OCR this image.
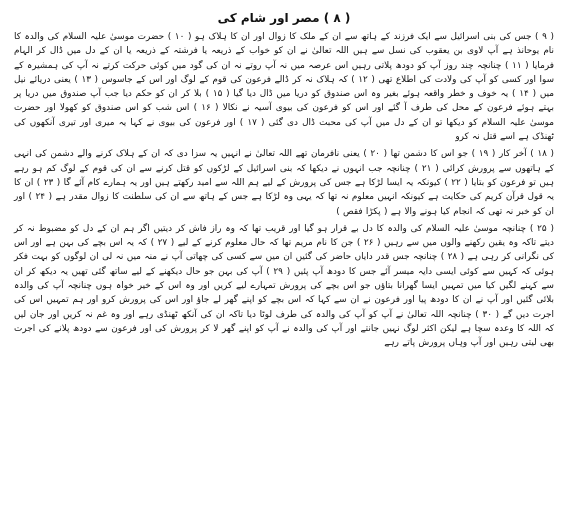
( ۸ ) مصر اور شام کی

( ۹ ) جس کی بنی اسرائیل سے ایک فرزند کے ہاتھ سے ان کے ملک کا زوال اور ان کا ہلاک ہو ( ۱۰ ) حضرت موسیٰ علیہ السلام کی والدہ کا نام یوحانذ ہے آپ لاوی بن یعقوب کی نسل سے ہیں اللہ تعالیٰ نے ان کو خواب کے ذریعہ یا فرشتہ کے ذریعہ یا ان کے دل میں ڈال کر الہام فرمایا ( ۱۱ ) چنانچہ چند روز آپ کو دودھ پلاتی رہیں اس عرصہ میں نہ آپ روتے نہ ان کی گود میں کوئی حرکت کرتے نہ آپ کی ہمشیرہ کے سوا اور کسی کو آپ کی ولادت کی اطلاع تھی ( ۱۲ ) کہ ہلاک نہ کر ڈالے فرعون کی قوم کے لوگ اور اس کے جاسوس ( ۱۳ ) یعنی دریائے نیل میں ( ۱۴ ) یہ خوف و خطر واقعہ ہوئے بغیر وہ اس صندوق کو دریا میں ڈال دیا گیا ( ۱۵ ) بلا کر ان کو حکم دیا جب آپ صندوق میں دریا پر بہتے ہوئے فرعون کے محل کی طرف آ گئے اور اس کو فرعون کی بیوی آسیہ نے نکالا ( ۱۶ ) اس شب کو اس صندوق کو کھولا اور حضرت موسیٰ علیہ السلام کو دیکھا تو ان کے دل میں آپ کی محبت ڈال دی گئی ( ۱۷ ) اور فرعون کی بیوی نے کہا یہ میری اور تیری آنکھوں کی ٹھنڈک ہے اسے قتل نہ کرو

( ۱۸ ) آخر کار ( ۱۹ ) جو اس کا دشمن تھا ( ۲۰ ) یعنی نافرمان تھے اللہ تعالیٰ نے انہیں یہ سزا دی کہ ان کے ہلاک کرنے والے دشمن کی انہی کے ہاتھوں سے پرورش کرائی ( ۲۱ ) چنانچہ جب انہوں نے دیکھا کہ بنی اسرائیل کے لڑکوں کو قتل کرنے سے ان کی قوم کے لوگ کم ہو رہے ہیں تو فرعون کو بتایا ( ۲۲ ) کیونکہ یہ ایسا لڑکا ہے جس کی پرورش کے لیے ہم اللہ سے امید رکھتے ہیں اور یہ ہمارے کام آئے گا ( ۲۳ ) ان کا یہ قول قرآن کریم کی حکایت ہے کیونکہ انہیں معلوم نہ تھا کہ یہی وہ لڑکا ہے جس کے ہاتھ سے ان کی سلطنت کا زوال مقدر ہے ( ۲۴ ) اور ان کو خبر نہ تھی کہ انجام کیا ہونے والا ہے ( پکڑا فقص )

( ۲۵ ) چنانچہ موسیٰ علیہ السلام کی والدہ کا دل بے قرار ہو گیا اور قریب تھا کہ وہ راز فاش کر دیتیں اگر ہم ان کے دل کو مضبوط نہ کر دیتے تاکہ وہ یقین رکھنے والوں میں سے رہیں ( ۲۶ ) جن کا نام مریم تھا کہ حال معلوم کرنے کے لیے ( ۲۷ ) کہ یہ اس بچے کی بہن ہے اور اس کی نگرانی کر رہی ہے ( ۲۸ ) چنانچہ جس قدر دایاں حاضر کی گئیں ان میں سے کسی کی چھاتی آپ نے منہ میں نہ لی ان لوگوں کو بہت فکر ہوئی کہ کہیں سے کوئی ایسی دایہ میسر آئے جس کا دودھ آپ پئیں ( ۲۹ ) آپ کی بہن جو حال دیکھنے کے لیے ساتھ گئی تھیں یہ دیکھ کر ان سے کہنے لگیں کیا میں تمہیں ایسا گھرانا بتاؤں جو اس بچے کی پرورش تمہارے لیے کریں اور وہ اس کے خیر خواہ ہوں چنانچہ آپ کی والدہ بلائی گئیں اور آپ نے ان کا دودھ پیا اور فرعون نے ان سے کہا کہ اس بچے کو اپنے گھر لے جاؤ اور اس کی پرورش کرو اور ہم تمہیں اس کی اجرت دیں گے ( ۳۰ ) چنانچہ اللہ تعالیٰ نے آپ کو آپ کی والدہ کی طرف لوٹا دیا تاکہ ان کی آنکھ ٹھنڈی رہے اور وہ غم نہ کریں اور جان لیں کہ اللہ کا وعدہ سچا ہے لیکن اکثر لوگ نہیں جانتے اور آپ کی والدہ نے آپ کو اپنے گھر لا کر پرورش کی اور فرعون سے دودھ پلانے کی اجرت بھی لیتی رہیں اور آپ وہاں پرورش پاتے رہے
